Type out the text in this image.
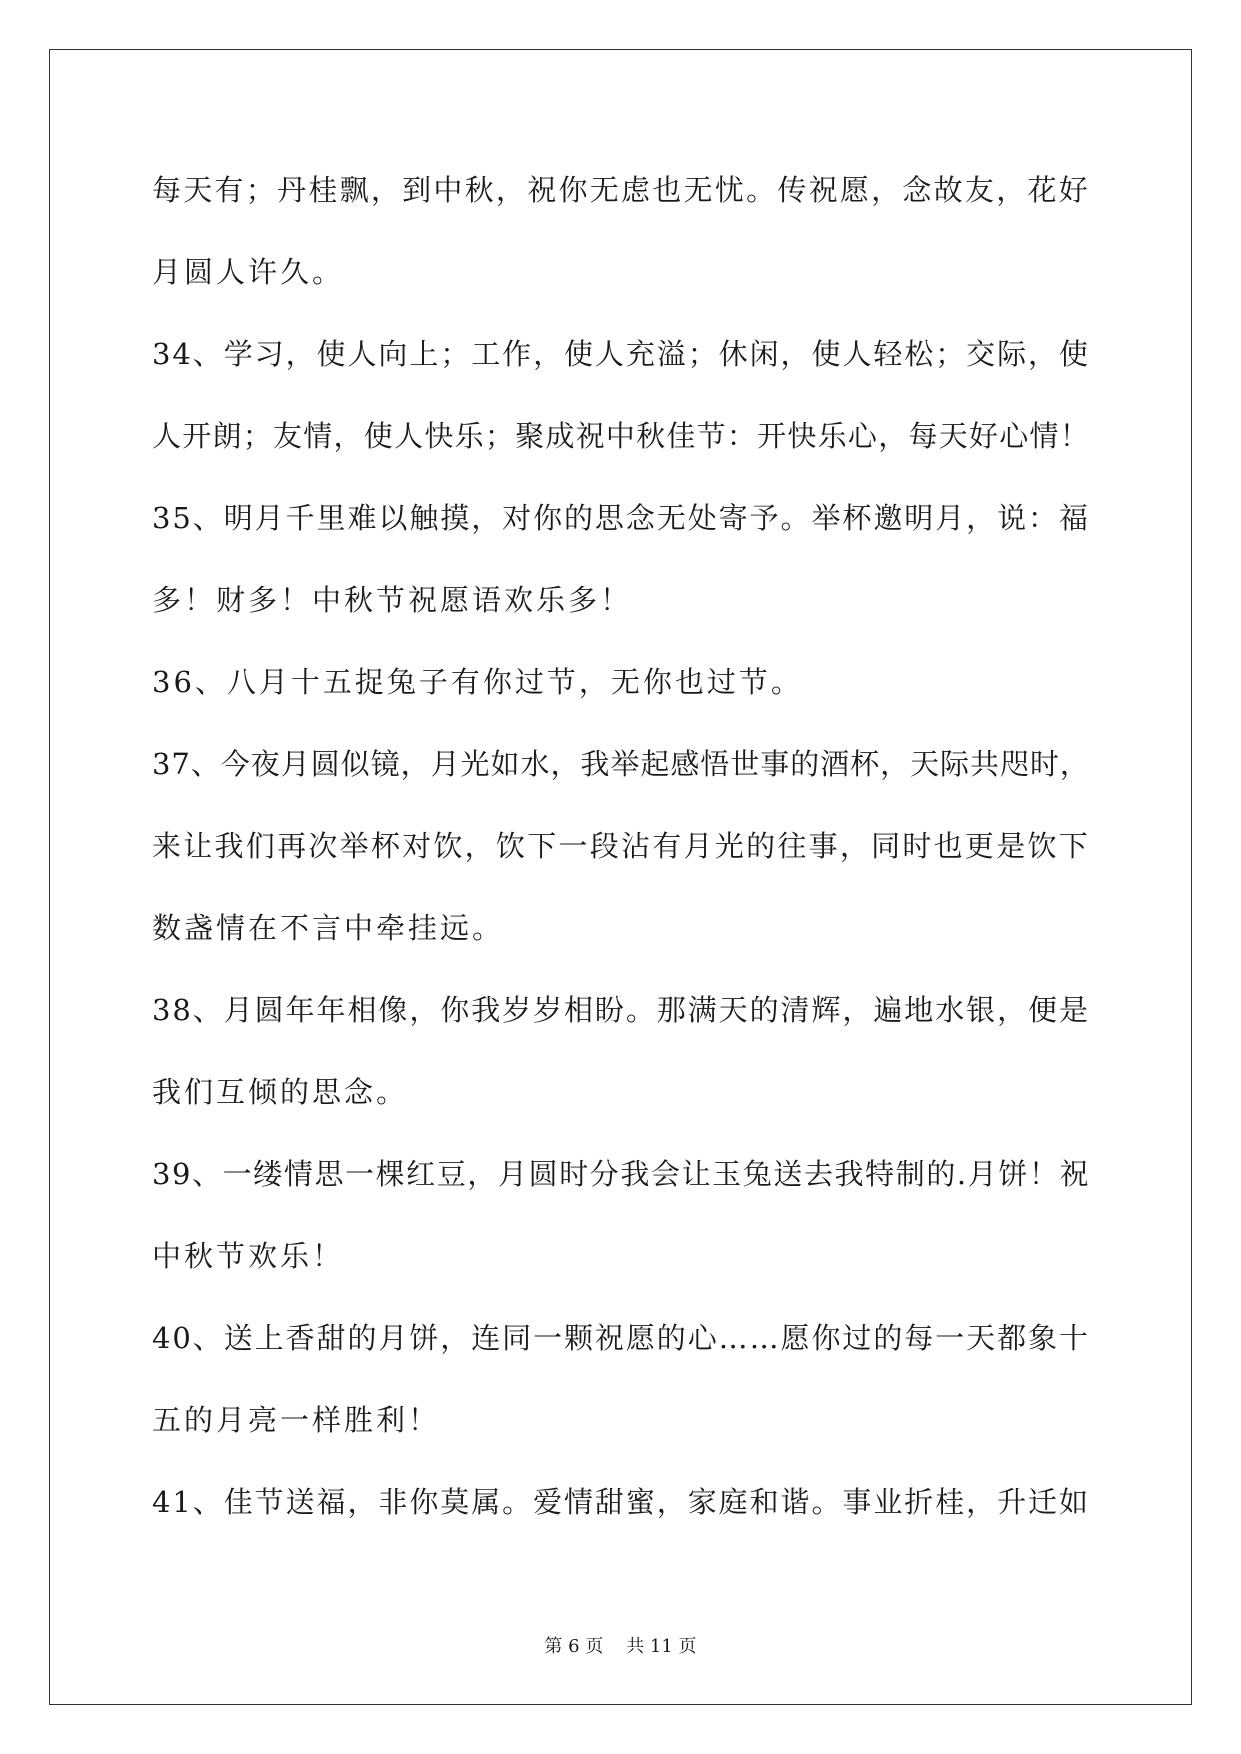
每天有；丹桂飘，到中秋，祝你无虑也无忧。传祝愿，念故友，花好
月圆人许久。
34、学习，使人向上；工作，使人充溢；休闲，使人轻松；交际，使
人开朗；友情，使人快乐；聚成祝中秋佳节：开快乐心，每天好心情！
35、明月千里难以触摸，对你的思念无处寄予。举杯邀明月，说：福
多！财多！中秋节祝愿语欢乐多！
36、八月十五捉兔子有你过节，无你也过节。
37、今夜月圆似镜，月光如水，我举起感悟世事的酒杯，天际共咫时，
来让我们再次举杯对饮，饮下一段沾有月光的往事，同时也更是饮下
数盏情在不言中牵挂远。
38、月圆年年相像，你我岁岁相盼。那满天的清辉，遍地水银，便是
我们互倾的思念。
39、一缕情思一棵红豆，月圆时分我会让玉兔送去我特制的.月饼！祝
中秋节欢乐！
40、送上香甜的月饼，连同一颗祝愿的心……愿你过的每一天都象十
五的月亮一样胜利！
41、佳节送福，非你莫属。爱情甜蜜，家庭和谐。事业折桂，升迁如
第 6 页    共 11 页
